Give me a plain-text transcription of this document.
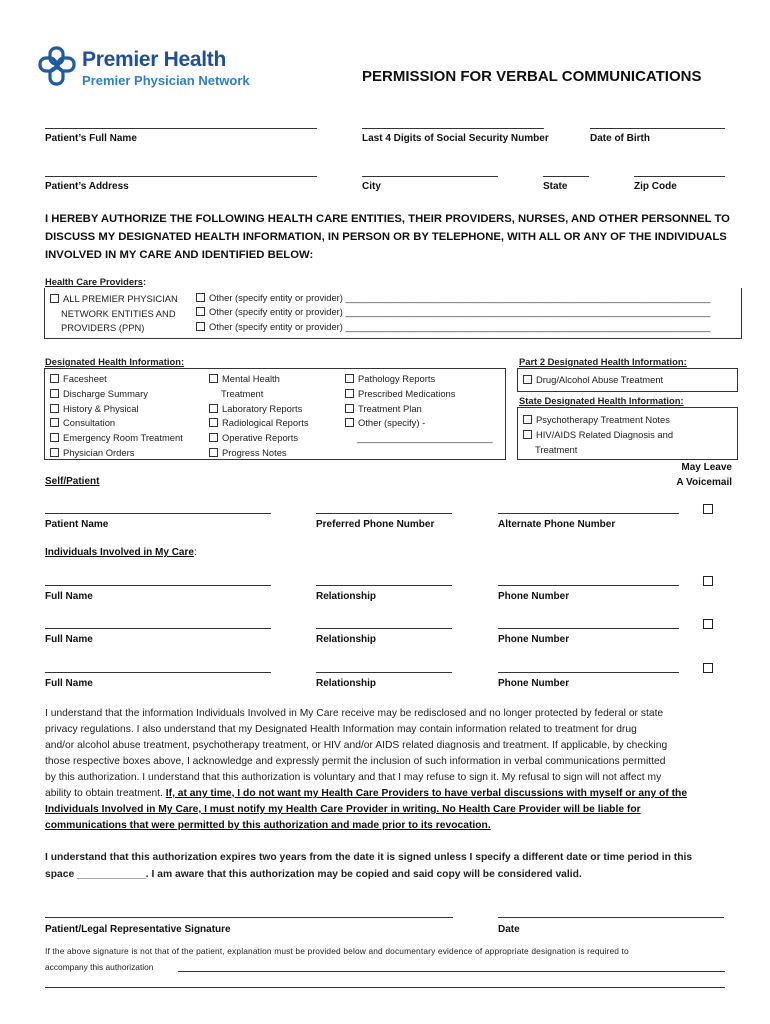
Premier Health
Premier Physician Network	PERMISSION FOR VERBAL COMMUNICATIONS
Patient’s Full Name	Last 4 Digits of Social Security Number	Date of Birth
Patient’s Address	City	State	Zip Code
I HEREBY AUTHORIZE THE FOLLOWING HEALTH CARE ENTITIES, THEIR PROVIDERS, NURSES, AND OTHER PERSONNEL TO
DISCUSS MY DESIGNATED HEALTH INFORMATION, IN PERSON OR BY TELEPHONE, WITH ALL OR ANY OF THE INDIVIDUALS
INVOLVED IN MY CARE AND IDENTIFIED BELOW:
Health Care Providers:
ALL PREMIER PHYSICIAN
NETWORK ENTITIES AND
PROVIDERS (PPN)
Other (specify entity or provider) ______________________________________________________________________
Other (specify entity or provider) ______________________________________________________________________
Other (specify entity or provider) ______________________________________________________________________
Designated Health Information:
Facesheet
Discharge Summary
History & Physical
Consultation
Emergency Room Treatment
Physician Orders
Mental Health
Treatment
Laboratory Reports
Radiological Reports
Operative Reports
Progress Notes
Pathology Reports
Prescribed Medications
Treatment Plan
Other (specify) -
__________________________
Part 2 Designated Health Information:
Drug/Alcohol Abuse Treatment
State Designated Health Information:
Psychotherapy Treatment Notes
HIV/AIDS Related Diagnosis and
Treatment
May Leave
A Voicemail
Self/Patient
Patient Name	Preferred Phone Number	Alternate Phone Number
Individuals Involved in My Care:
Full Name	Relationship	Phone Number
Full Name	Relationship	Phone Number
Full Name	Relationship	Phone Number
I understand that the information Individuals Involved in My Care receive may be redisclosed and no longer protected by federal or state
privacy regulations. I also understand that my Designated Health Information may contain information related to treatment for drug
and/or alcohol abuse treatment, psychotherapy treatment, or HIV and/or AIDS related diagnosis and treatment. If applicable, by checking
those respective boxes above, I acknowledge and expressly permit the inclusion of such information in verbal communications permitted
by this authorization. I understand that this authorization is voluntary and that I may refuse to sign it. My refusal to sign will not affect my
ability to obtain treatment. If, at any time, I do not want my Health Care Providers to have verbal discussions with myself or any of the
Individuals Involved in My Care, I must notify my Health Care Provider in writing. No Health Care Provider will be liable for
communications that were permitted by this authorization and made prior to its revocation.
I understand that this authorization expires two years from the date it is signed unless I specify a different date or time period in this
space ____________. I am aware that this authorization may be copied and said copy will be considered valid.
Patient/Legal Representative Signature	Date
If the above signature is not that of the patient, explanation must be provided below and documentary evidence of appropriate designation is required to
accompany this authorization
